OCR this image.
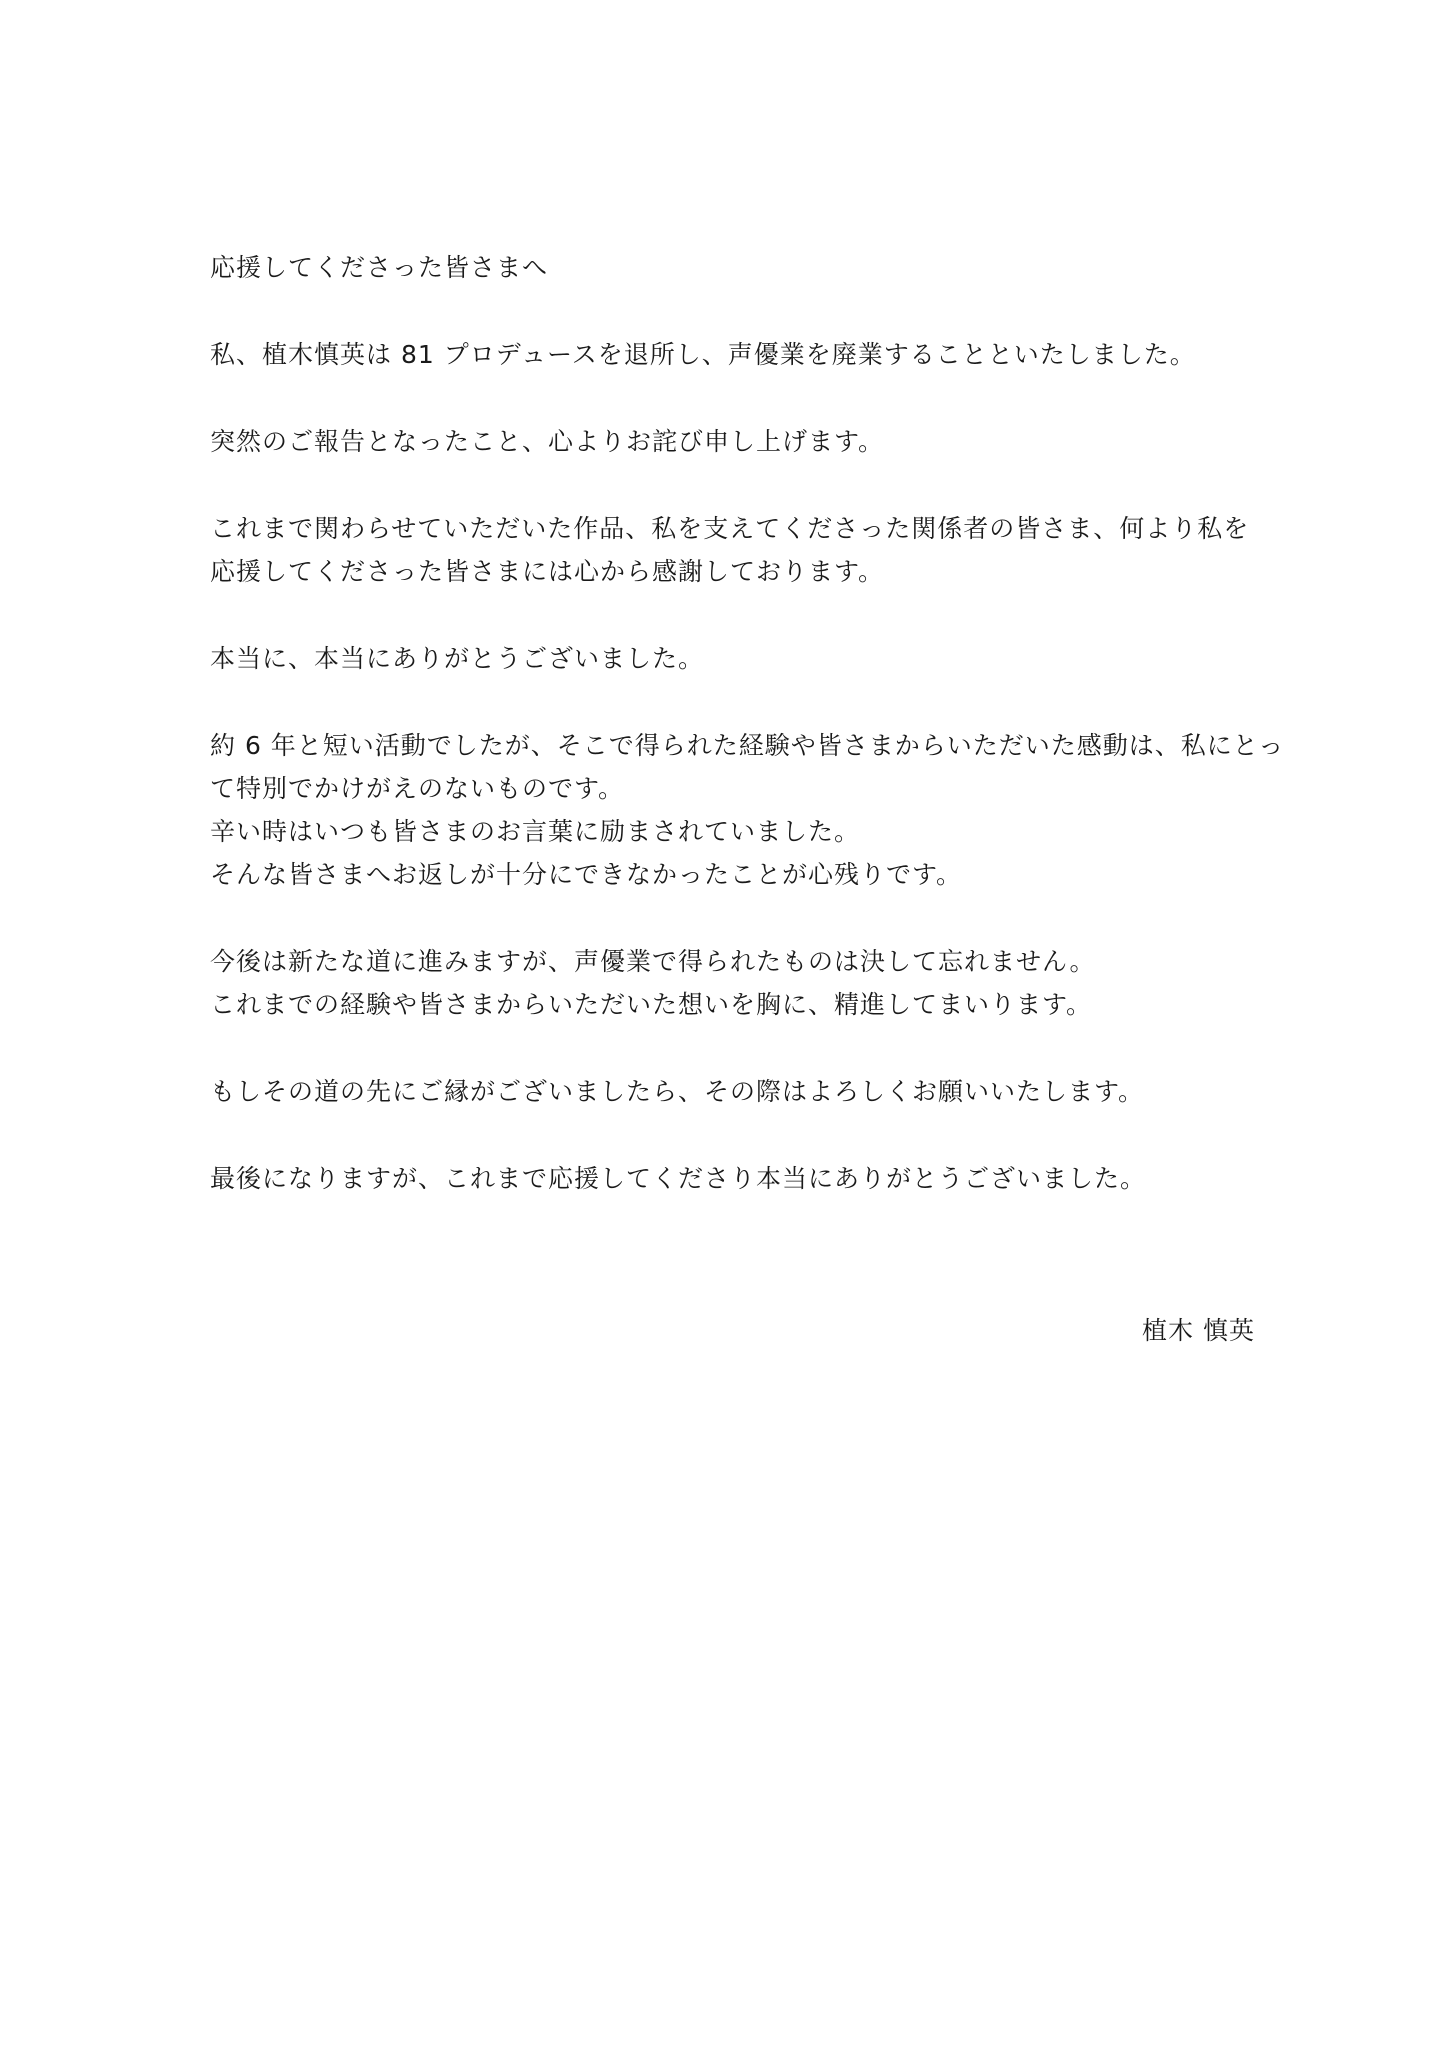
応援してくださった皆さまへ
私、植木慎英は 81 プロデュースを退所し、声優業を廃業することといたしました。
突然のご報告となったこと、心よりお詫び申し上げます。
これまで関わらせていただいた作品、私を支えてくださった関係者の皆さま、何より私を
応援してくださった皆さまには心から感謝しております。
本当に、本当にありがとうございました。
約 6 年と短い活動でしたが、そこで得られた経験や皆さまからいただいた感動は、私にとっ
て特別でかけがえのないものです。
辛い時はいつも皆さまのお言葉に励まされていました。
そんな皆さまへお返しが十分にできなかったことが心残りです。
今後は新たな道に進みますが、声優業で得られたものは決して忘れません。
これまでの経験や皆さまからいただいた想いを胸に、精進してまいります。
もしその道の先にご縁がございましたら、その際はよろしくお願いいたします。
最後になりますが、これまで応援してくださり本当にありがとうございました。
植木 慎英
